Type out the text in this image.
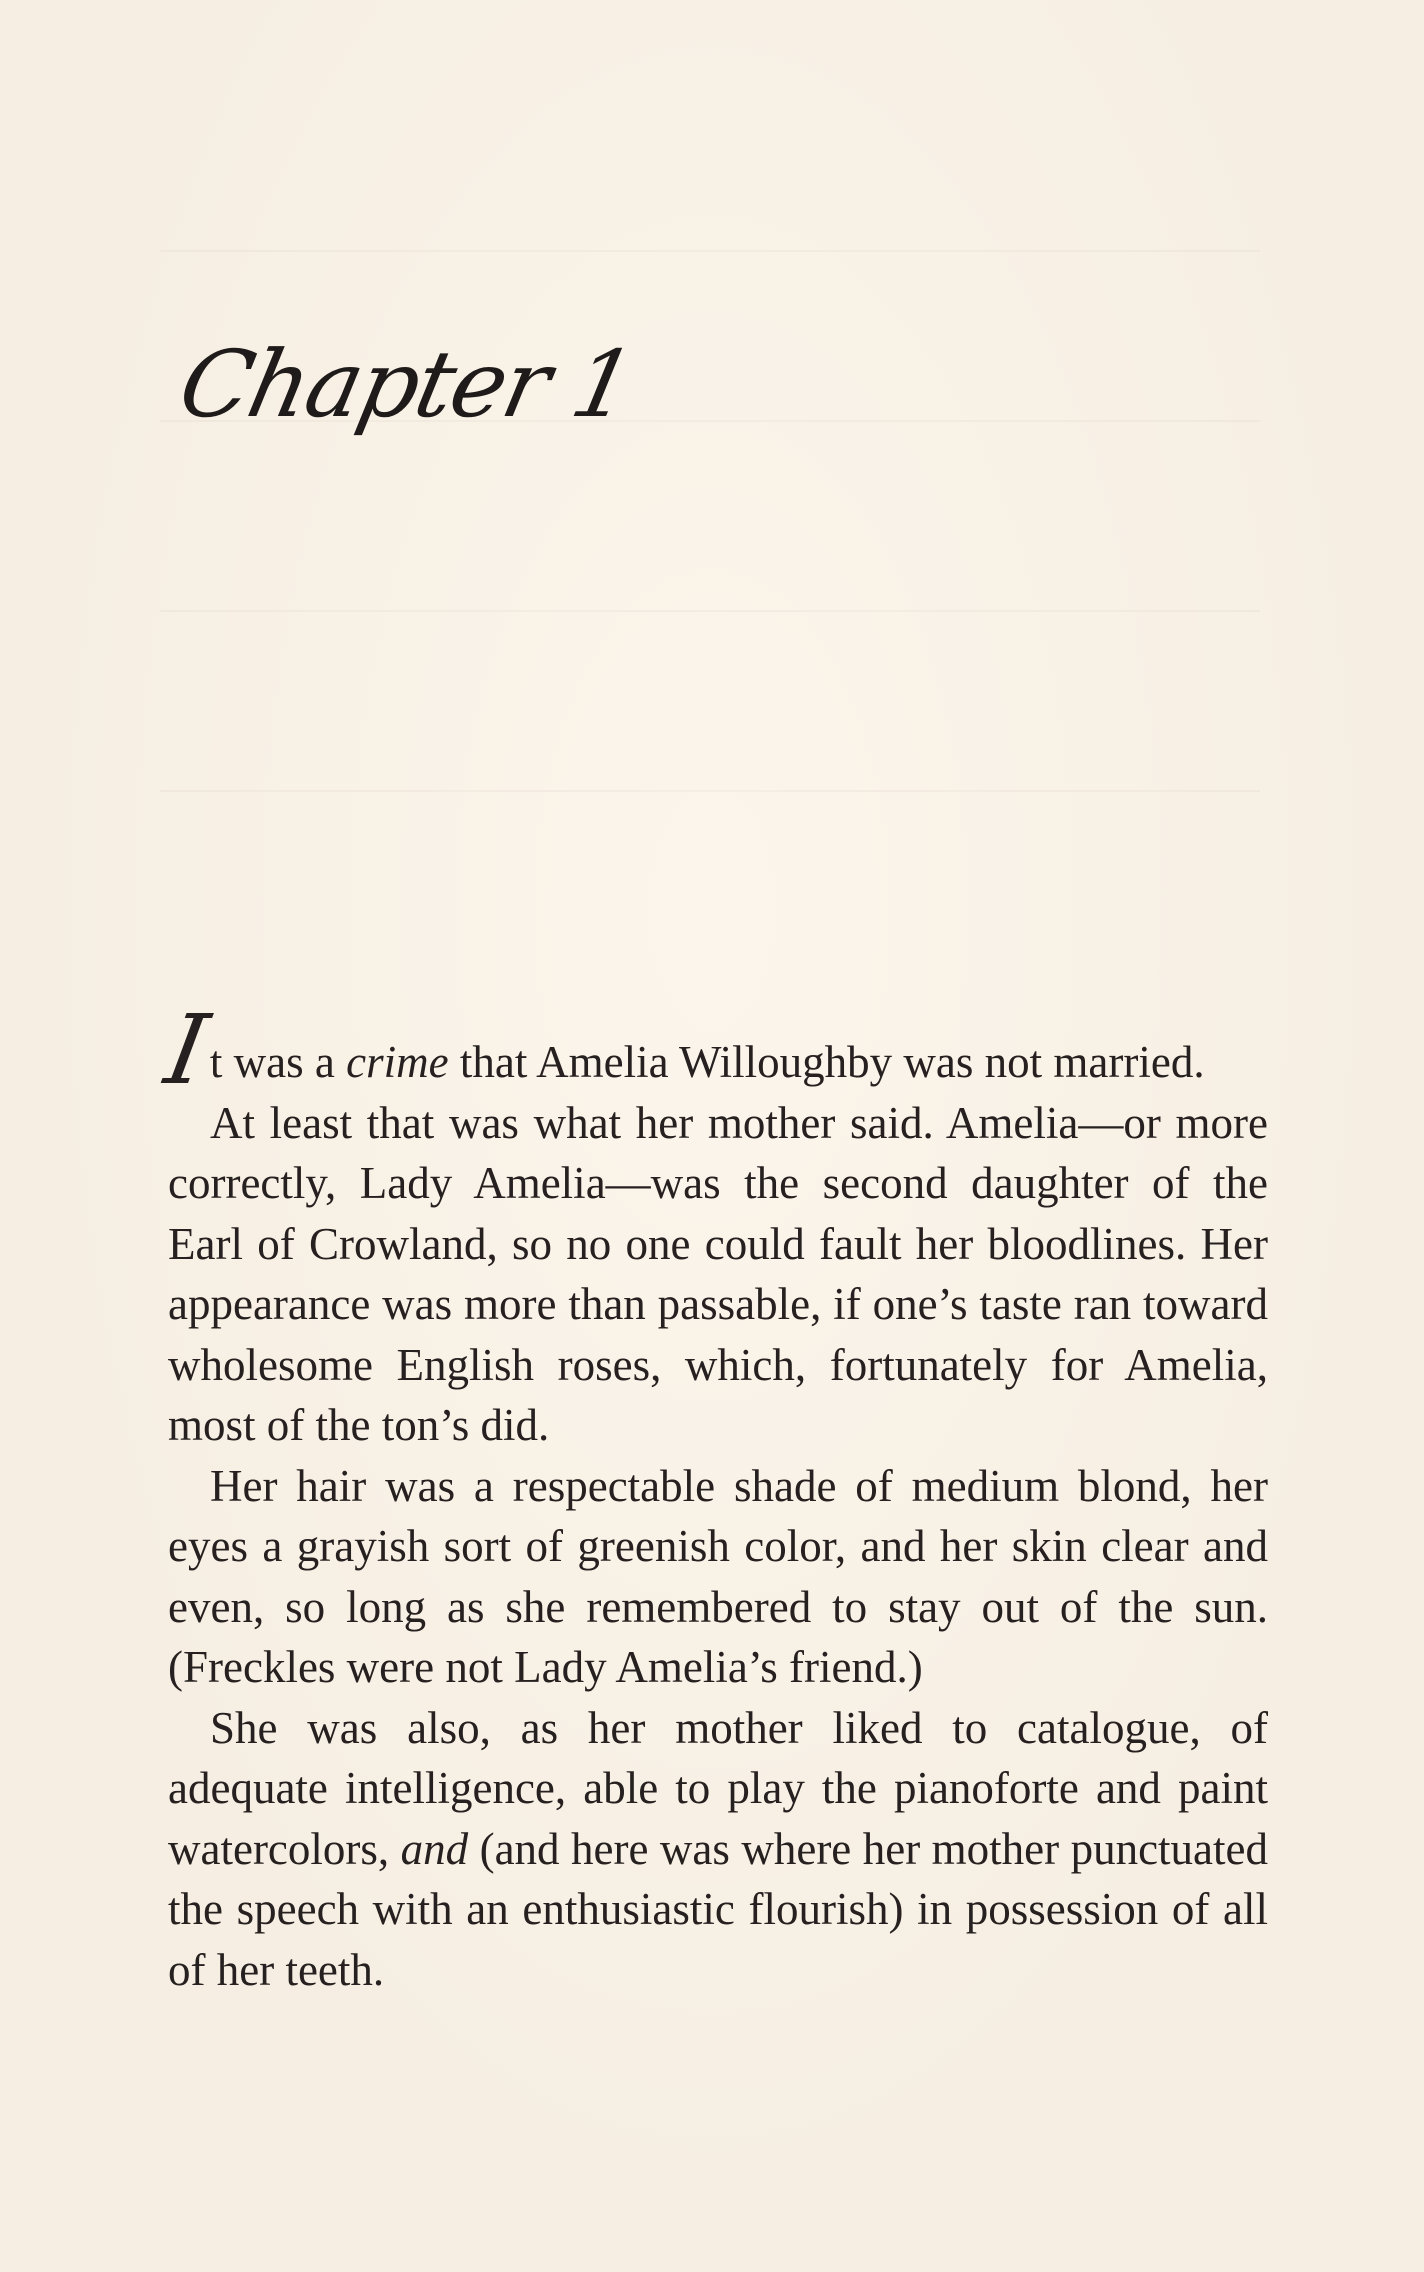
Chapter 1

It was a crime that Amelia Willoughby was not married.

At least that was what her mother said. Amelia—or more correctly, Lady Amelia—was the second daughter of the Earl of Crowland, so no one could fault her bloodlines. Her appearance was more than passable, if one’s taste ran toward wholesome English roses, which, fortunately for Amelia, most of the ton’s did.

Her hair was a respectable shade of medium blond, her eyes a grayish sort of greenish color, and her skin clear and even, so long as she remembered to stay out of the sun. (Freckles were not Lady Amelia’s friend.)

She was also, as her mother liked to catalogue, of adequate intelligence, able to play the pianoforte and paint watercolors, and (and here was where her mother punctuated the speech with an enthusiastic flourish) in possession of all of her teeth.
